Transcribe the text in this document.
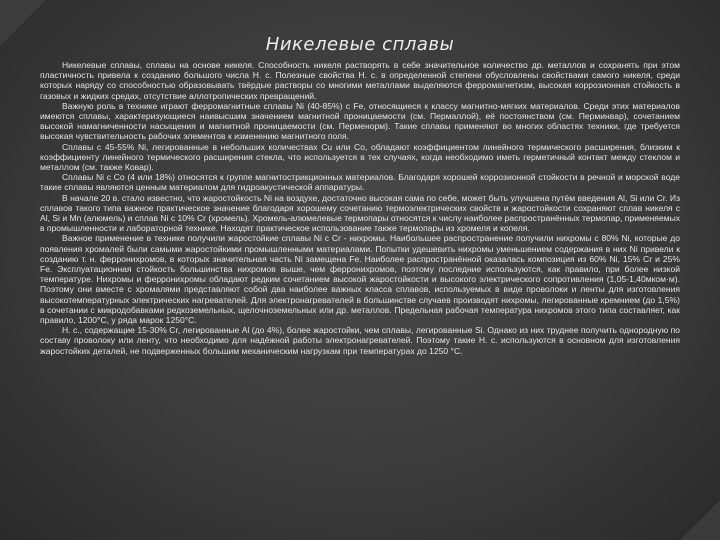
Никелевые сплавы

Никелевые сплавы, сплавы на основе никеля. Способность никеля растворять в себе значительное количество др. металлов и сохранять при этом пластичность привела к созданию большого числа Н. с. Полезные свойства Н. с. в определенной степени обусловлены свойствами самого никеля, среди которых наряду со способностью образовывать твёрдые растворы со многими металлами выделяются ферромагнетизм, высокая коррозионная стойкость в газовых и жидких средах, отсутствие аллотропических превращений.

Важную роль в технике играют ферромагнитные сплавы Ni (40-85%) с Fe, относящиеся к классу магнитно-мягких материалов. Среди этих материалов имеются сплавы, характеризующиеся наивысшим значением магнитной проницаемости (см. Пермаллой), её постоянством (см. Перминвар), сочетанием высокой намагниченности насыщения и магнитной проницаемости (см. Перменорм). Такие сплавы применяют во многих областях техники, где требуется высокая чувствительность рабочих элементов к изменению магнитного поля.

Сплавы с 45-55% Ni, легированные в небольших количествах Cu или Co, обладают коэффициентом линейного термического расширения, близким к коэффициенту линейного термического расширения стекла, что используется в тех случаях, когда необходимо иметь герметичный контакт между стеклом и металлом (см. также Ковар).

Сплавы Ni с Co (4 или 18%) относятся к группе магнитострикционных материалов. Благодаря хорошей коррозионной стойкости в речной и морской воде такие сплавы являются ценным материалом для гидроакустической аппаратуры.

В начале 20 в. стало известно, что жаростойкость Ni на воздухе, достаточно высокая сама по себе, может быть улучшена путём введения Al, Si или Cr. Из сплавов такого типа важное практическое значение благодаря хорошему сочетанию термоэлектрических свойств и жаростойкости сохраняют сплав никеля с Al, Si и Mn (алюмель) и сплав Ni с 10% Cr (хромель). Хромель-алюмелевые термопары относятся к числу наиболее распространённых термопар, применяемых в промышленности и лабораторной технике. Находят практическое использование также термопары из хромеля и копеля.

Важное применение в технике получили жаростойкие сплавы Ni с Cr - нихромы. Наибольшее распространение получили нихромы с 80% Ni, которые до появления хромалей были самыми жаростойкими промышленными материалами. Попытки удешевить нихромы уменьшением содержания в них Ni привели к созданию т. н. ферронихромов, в которых значительная часть Ni замещена Fe. Наиболее распространённой оказалась композиция из 60% Ni, 15% Cr и 25% Fe. Эксплуатационная стойкость большинства нихромов выше, чем ферронихромов, поэтому последние используются, как правило, при более низкой температуре. Нихромы и ферронихромы обладают редким сочетанием высокой жаростойкости и высокого электрического сопротивления (1,05-1,40мком·м). Поэтому они вместе с хромалями представляют собой два наиболее важных класса сплавов, используемых в виде проволоки и ленты для изготовления высокотемпературных электрических нагревателей. Для электронагревателей в большинстве случаев производят нихромы, легированные кремнием (до 1,5%) в сочетании с микродобавками редкоземельных, щелочноземельных или др. металлов. Предельная рабочая температура нихромов этого типа составляет, как правило, 1200°С, у ряда марок 1250°С.

Н. с., содержащие 15-30% Cr, легированные Al (до 4%), более жаростойки, чем сплавы, легированные Si. Однако из них труднее получить однородную по составу проволоку или ленту, что необходимо для надёжной работы электронагревателей. Поэтому такие Н. с. используются в основном для изготовления жаростойких деталей, не подверженных большим механическим нагрузкам при температурах до 1250 °С.
